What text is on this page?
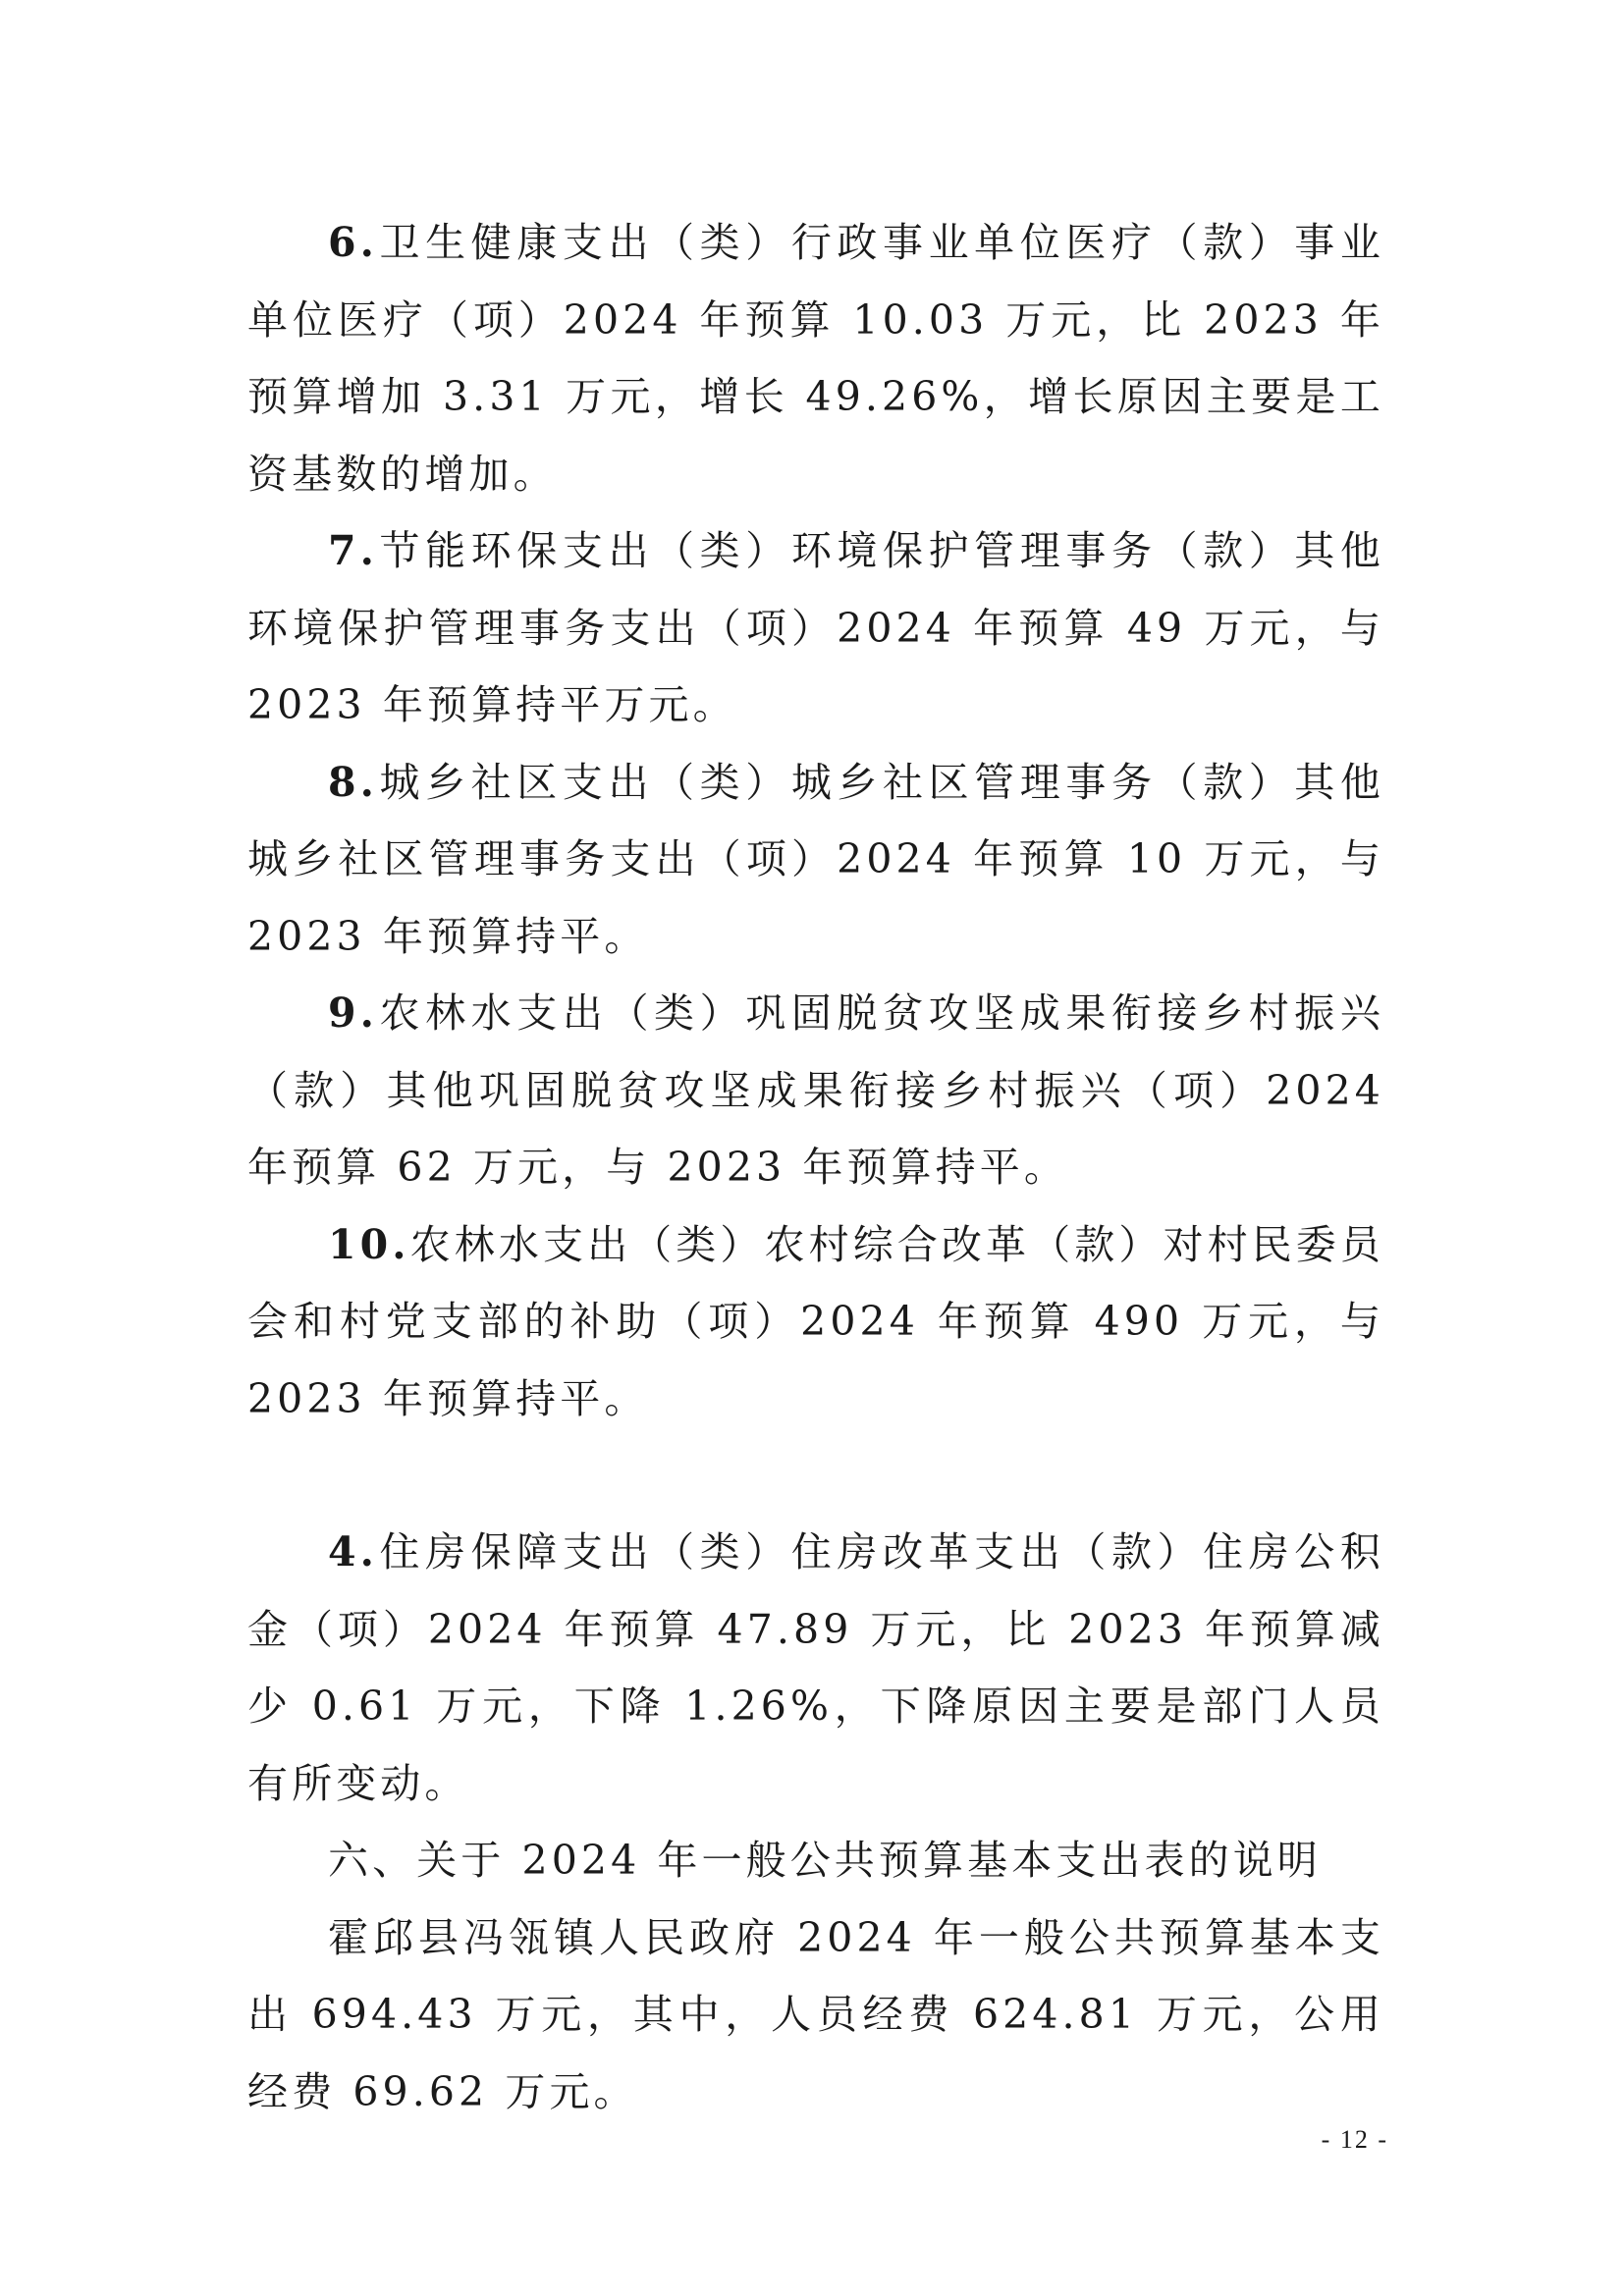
6.卫生健康支出（类）行政事业单位医疗（款）事业单位医疗（项）2024 年预算 10.03 万元，比 2023 年预算增加 3.31 万元，增长 49.26%，增长原因主要是工资基数的增加。

7.节能环保支出（类）环境保护管理事务（款）其他环境保护管理事务支出（项）2024 年预算 49 万元，与 2023 年预算持平万元。

8.城乡社区支出（类）城乡社区管理事务（款）其他城乡社区管理事务支出（项）2024 年预算 10 万元，与 2023 年预算持平。

9.农林水支出（类）巩固脱贫攻坚成果衔接乡村振兴（款）其他巩固脱贫攻坚成果衔接乡村振兴（项）2024 年预算 62 万元，与 2023 年预算持平。

10.农林水支出（类）农村综合改革（款）对村民委员会和村党支部的补助（项）2024 年预算 490 万元，与 2023 年预算持平。

4.住房保障支出（类）住房改革支出（款）住房公积金（项）2024 年预算 47.89 万元，比 2023 年预算减少 0.61 万元，下降 1.26%，下降原因主要是部门人员有所变动。

六、关于 2024 年一般公共预算基本支出表的说明

霍邱县冯瓴镇人民政府 2024 年一般公共预算基本支出 694.43 万元，其中，人员经费 624.81 万元，公用经费 69.62 万元。

- 12 -
